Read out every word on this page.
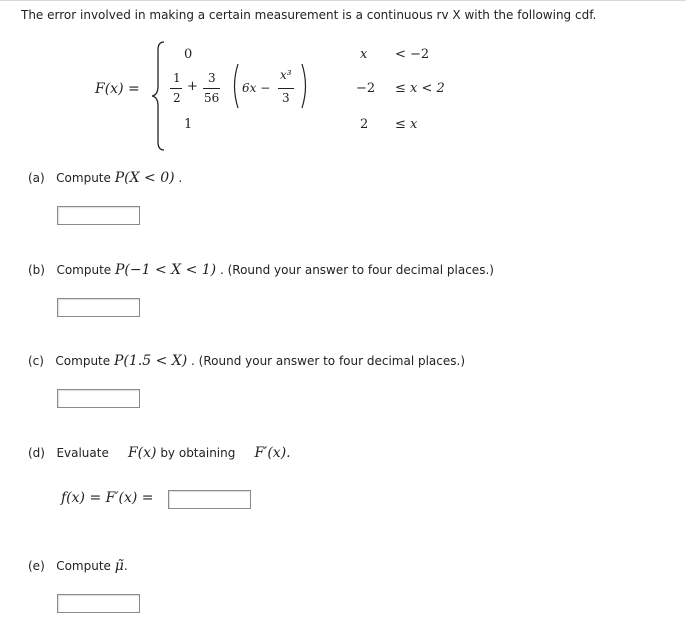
The error involved in making a certain measurement is a continuous rv X with the following cdf.
F(x) =
0	x < −2
1
2
+
3
56
6x −
x³
3
−2 ≤ x < 2
1	2 ≤ x
(a) Compute P(X < 0) .
(b) Compute P(−1 < X < 1) . (Round your answer to four decimal places.)
(c) Compute P(1.5 < X) . (Round your answer to four decimal places.)
(d) Evaluate F(x) by obtaining F′(x).
f(x) = F′(x) =
(e) Compute μ̃.
